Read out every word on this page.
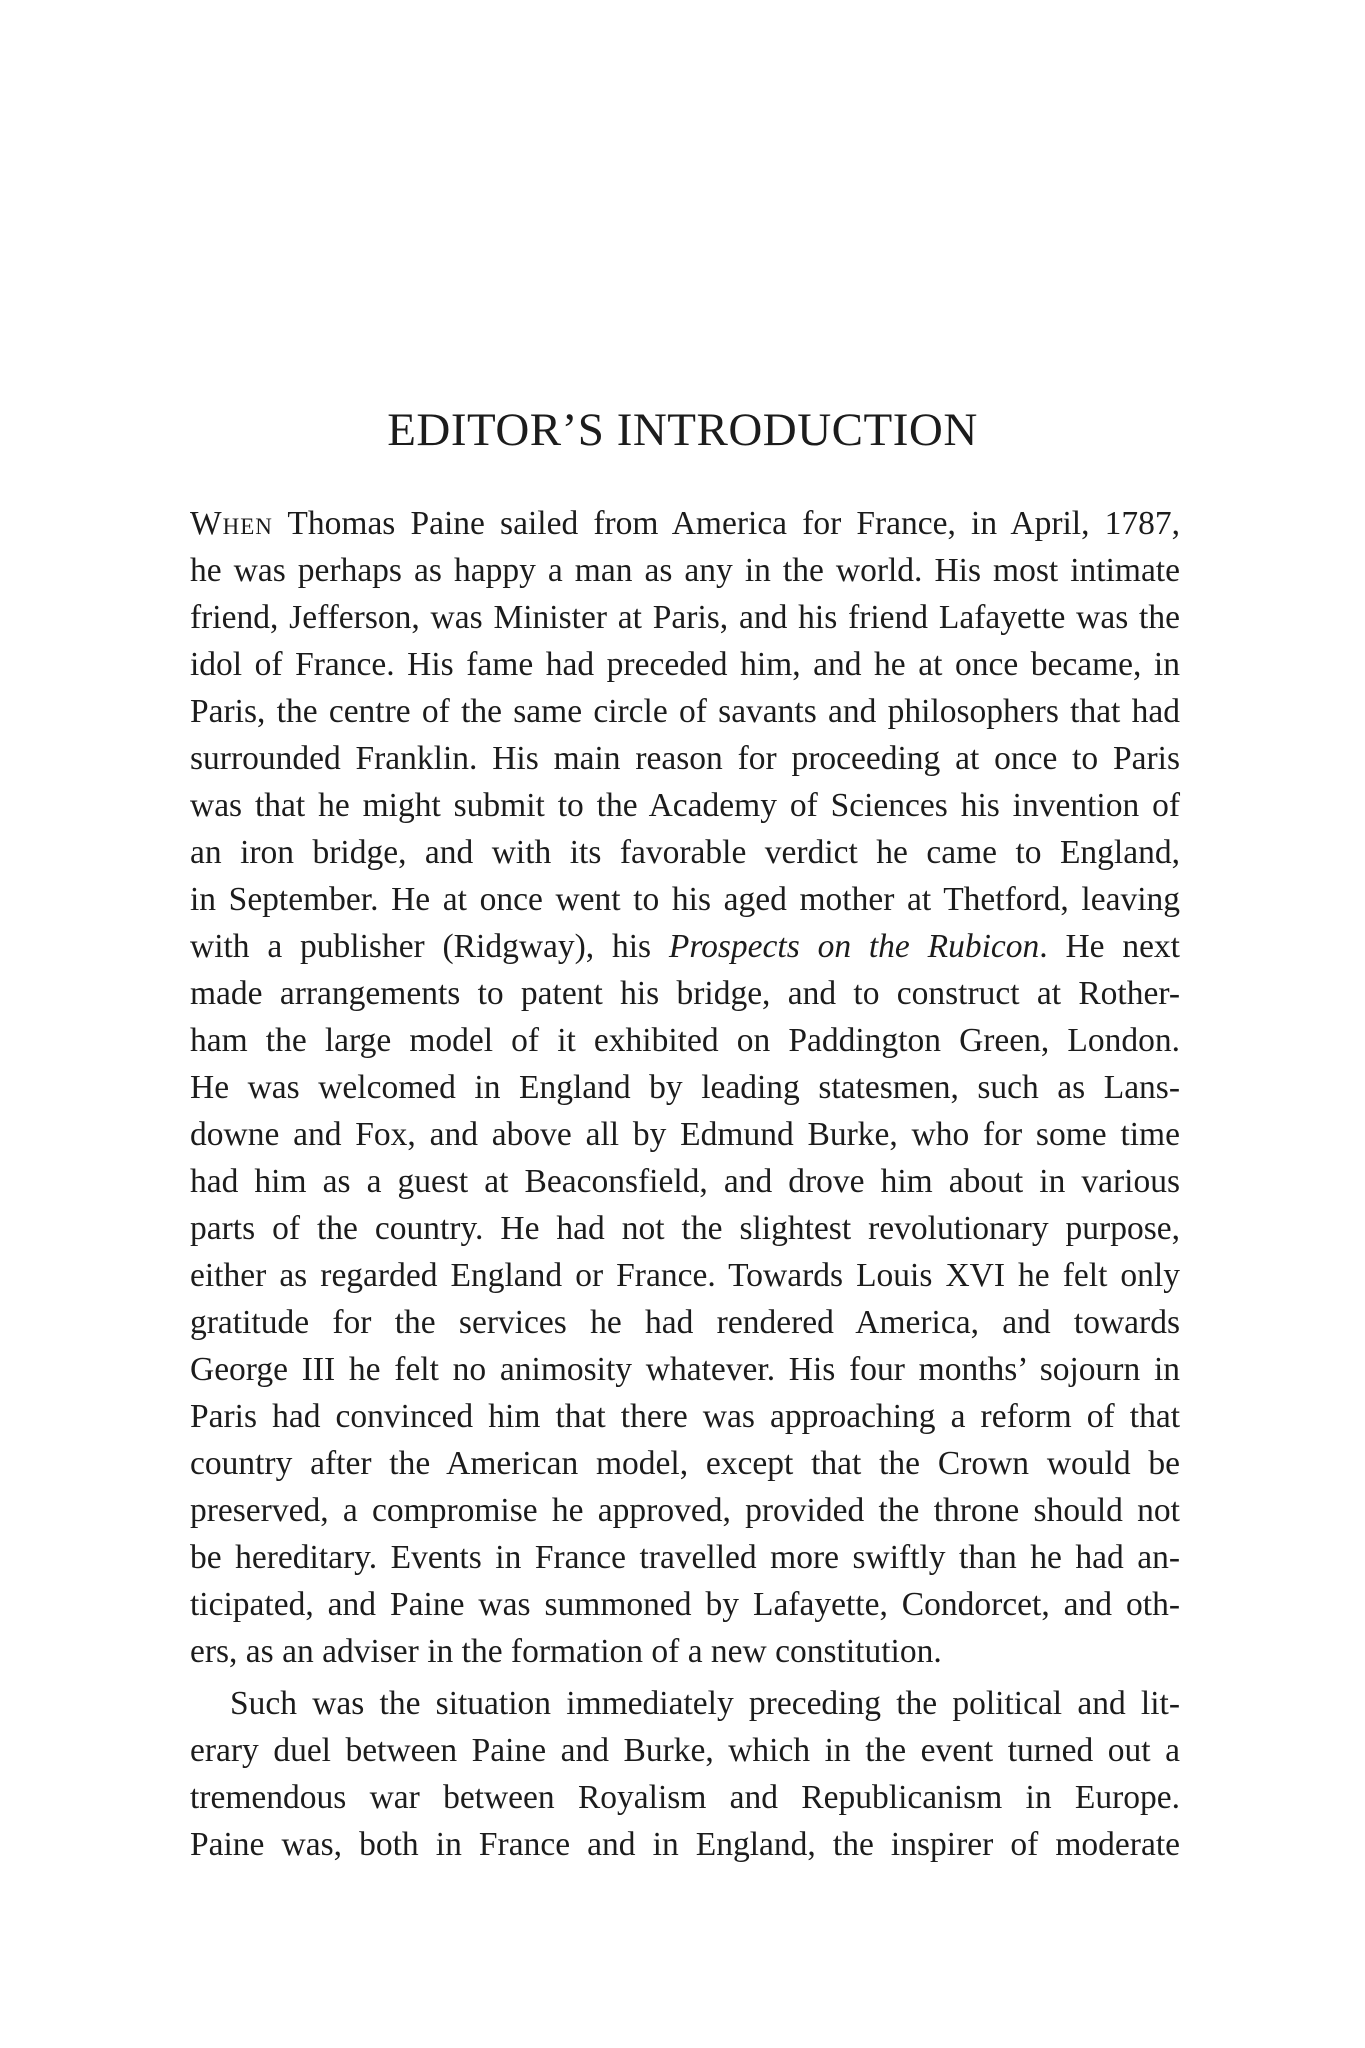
EDITOR’S INTRODUCTION
When Thomas Paine sailed from America for France, in April, 1787,
he was perhaps as happy a man as any in the world. His most intimate
friend, Jefferson, was Minister at Paris, and his friend Lafayette was the
idol of France. His fame had preceded him, and he at once became, in
Paris, the centre of the same circle of savants and philosophers that had
surrounded Franklin. His main reason for proceeding at once to Paris
was that he might submit to the Academy of Sciences his invention of
an iron bridge, and with its favorable verdict he came to England,
in September. He at once went to his aged mother at Thetford, leaving
with a publisher (Ridgway), his Prospects on the Rubicon. He next
made arrangements to patent his bridge, and to construct at Rother-
ham the large model of it exhibited on Paddington Green, London.
He was welcomed in England by leading statesmen, such as Lans-
downe and Fox, and above all by Edmund Burke, who for some time
had him as a guest at Beaconsfield, and drove him about in various
parts of the country. He had not the slightest revolutionary purpose,
either as regarded England or France. Towards Louis XVI he felt only
gratitude for the services he had rendered America, and towards
George III he felt no animosity whatever. His four months’ sojourn in
Paris had convinced him that there was approaching a reform of that
country after the American model, except that the Crown would be
preserved, a compromise he approved, provided the throne should not
be hereditary. Events in France travelled more swiftly than he had an-
ticipated, and Paine was summoned by Lafayette, Condorcet, and oth-
ers, as an adviser in the formation of a new constitution.
Such was the situation immediately preceding the political and lit-
erary duel between Paine and Burke, which in the event turned out a
tremendous war between Royalism and Republicanism in Europe.
Paine was, both in France and in England, the inspirer of moderate
